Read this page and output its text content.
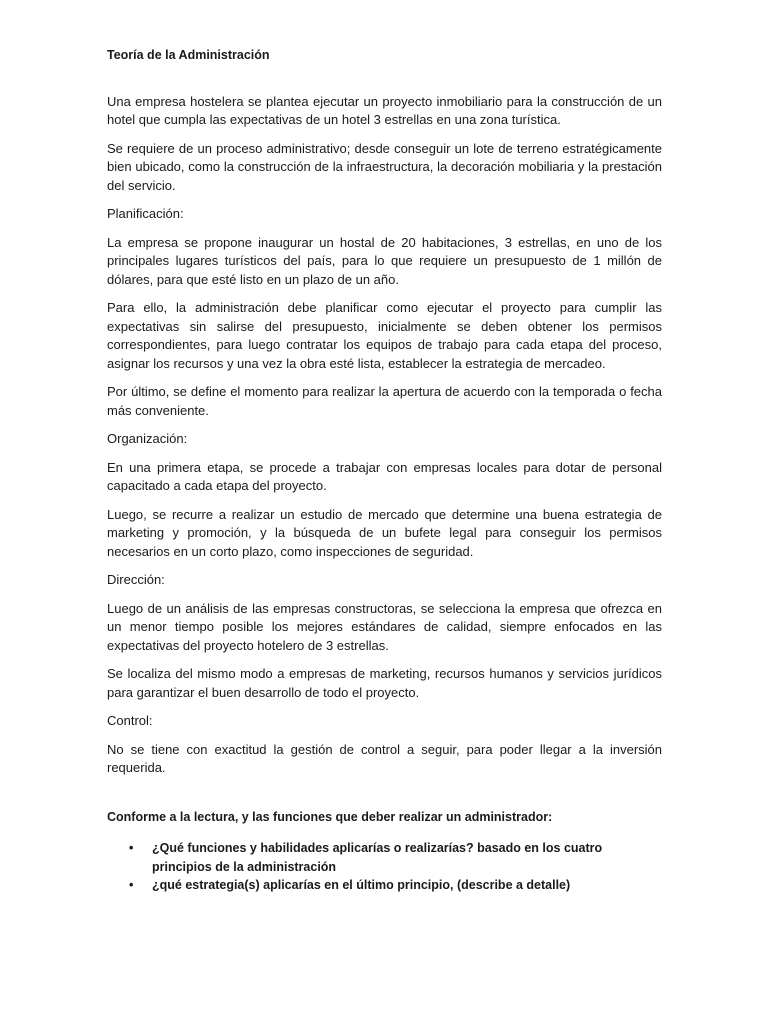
Teoría de la Administración

Una empresa hostelera se plantea ejecutar un proyecto inmobiliario para la construcción de un hotel que cumpla las expectativas de un hotel 3 estrellas en una zona turística.

Se requiere de un proceso administrativo; desde conseguir un lote de terreno estratégicamente bien ubicado, como la construcción de la infraestructura, la decoración mobiliaria y la prestación del servicio.

Planificación:

La empresa se propone inaugurar un hostal de 20 habitaciones, 3 estrellas, en uno de los principales lugares turísticos del país, para lo que requiere un presupuesto de 1 millón de dólares, para que esté listo en un plazo de un año.

Para ello, la administración debe planificar como ejecutar el proyecto para cumplir las expectativas sin salirse del presupuesto, inicialmente se deben obtener los permisos correspondientes, para luego contratar los equipos de trabajo para cada etapa del proceso, asignar los recursos y una vez la obra esté lista, establecer la estrategia de mercadeo.

Por último, se define el momento para realizar la apertura de acuerdo con la temporada o fecha más conveniente.

Organización:

En una primera etapa, se procede a trabajar con empresas locales para dotar de personal capacitado a cada etapa del proyecto.

Luego, se recurre a realizar un estudio de mercado que determine una buena estrategia de marketing y promoción, y la búsqueda de un bufete legal para conseguir los permisos necesarios en un corto plazo, como inspecciones de seguridad.

Dirección:

Luego de un análisis de las empresas constructoras, se selecciona la empresa que ofrezca en un menor tiempo posible los mejores estándares de calidad, siempre enfocados en las expectativas del proyecto hotelero de 3 estrellas.

Se localiza del mismo modo a empresas de marketing, recursos humanos y servicios jurídicos para garantizar el buen desarrollo de todo el proyecto.

Control:

No se tiene con exactitud la gestión de control a seguir, para poder llegar a la inversión requerida.

Conforme a la lectura, y las funciones que deber realizar un administrador:

• ¿Qué funciones y habilidades aplicarías o realizarías? basado en los cuatro principios de la administración
• ¿qué estrategia(s) aplicarías en el último principio, (describe a detalle)
